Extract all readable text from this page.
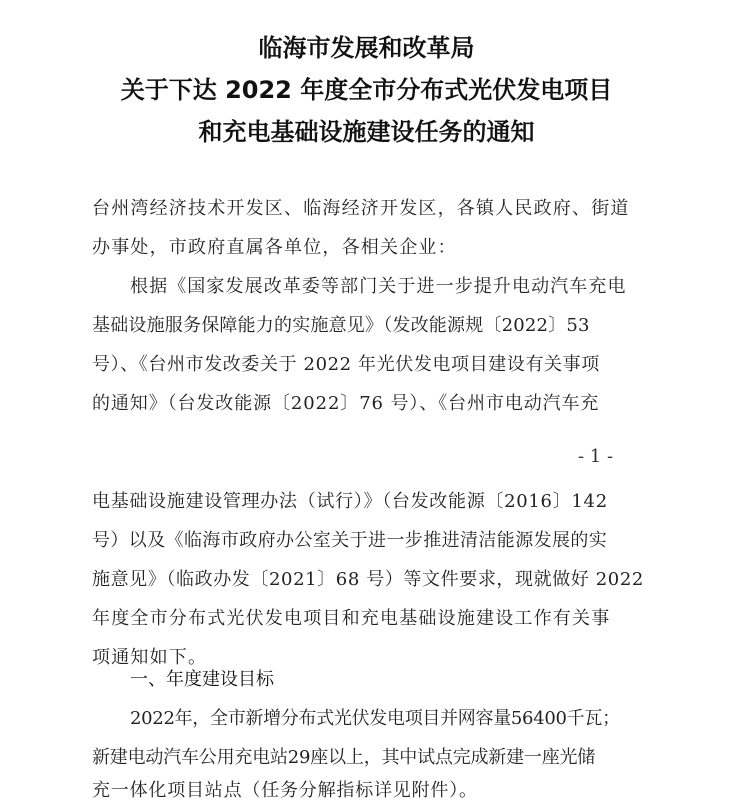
临海市发展和改革局
关于下达 2022 年度全市分布式光伏发电项目
和充电基础设施建设任务的通知
台州湾经济技术开发区、临海经济开发区，各镇人民政府、街道
办事处，市政府直属各单位，各相关企业：
根据《国家发展改革委等部门关于进一步提升电动汽车充电
基础设施服务保障能力的实施意见》（发改能源规〔2022〕53
号）、《台州市发改委关于 2022 年光伏发电项目建设有关事项
的通知》（台发改能源〔2022〕76 号）、《台州市电动汽车充
- 1 -
电基础设施建设管理办法（试行）》（台发改能源〔2016〕142
号）以及《临海市政府办公室关于进一步推进清洁能源发展的实
施意见》（临政办发〔2021〕68 号）等文件要求，现就做好 2022
年度全市分布式光伏发电项目和充电基础设施建设工作有关事
项通知如下。
一、年度建设目标
2022年，全市新增分布式光伏发电项目并网容量56400千瓦；
新建电动汽车公用充电站29座以上，其中试点完成新建一座光储
充一体化项目站点（任务分解指标详见附件）。
